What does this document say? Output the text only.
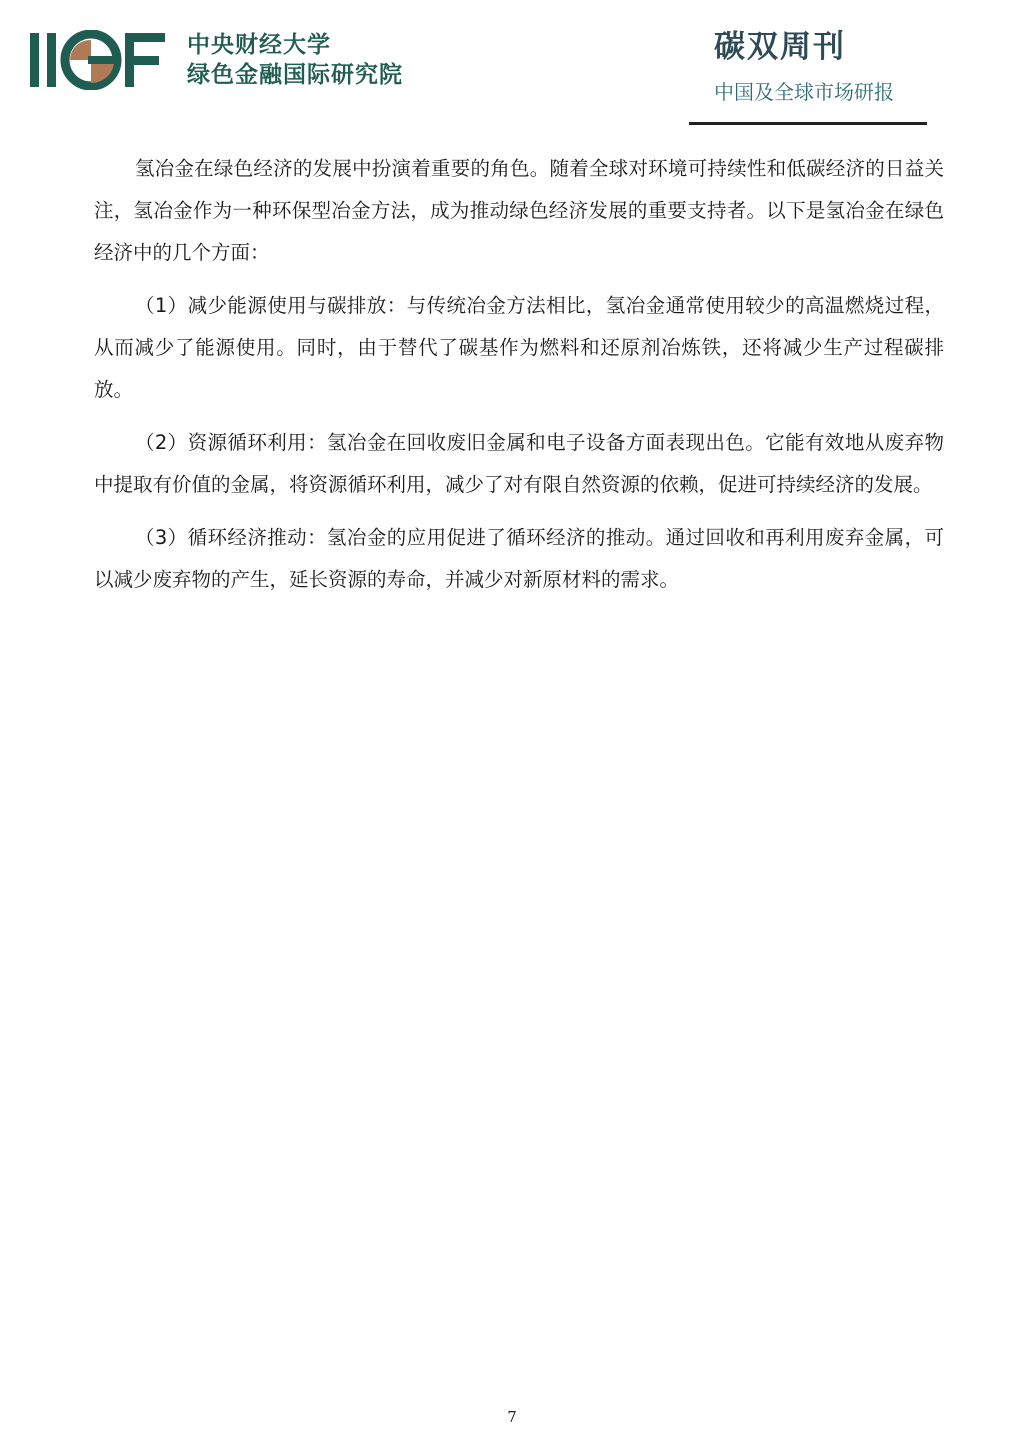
中央财经大学
绿色金融国际研究院
碳双周刊
中国及全球市场研报

氢冶金在绿色经济的发展中扮演着重要的角色。随着全球对环境可持续性和低碳经济的日益关注，氢冶金作为一种环保型冶金方法，成为推动绿色经济发展的重要支持者。以下是氢冶金在绿色经济中的几个方面：

（1）减少能源使用与碳排放：与传统冶金方法相比，氢冶金通常使用较少的高温燃烧过程，从而减少了能源使用。同时，由于替代了碳基作为燃料和还原剂冶炼铁，还将减少生产过程碳排放。

（2）资源循环利用：氢冶金在回收废旧金属和电子设备方面表现出色。它能有效地从废弃物中提取有价值的金属，将资源循环利用，减少了对有限自然资源的依赖，促进可持续经济的发展。

（3）循环经济推动：氢冶金的应用促进了循环经济的推动。通过回收和再利用废弃金属，可以减少废弃物的产生，延长资源的寿命，并减少对新原材料的需求。

7
